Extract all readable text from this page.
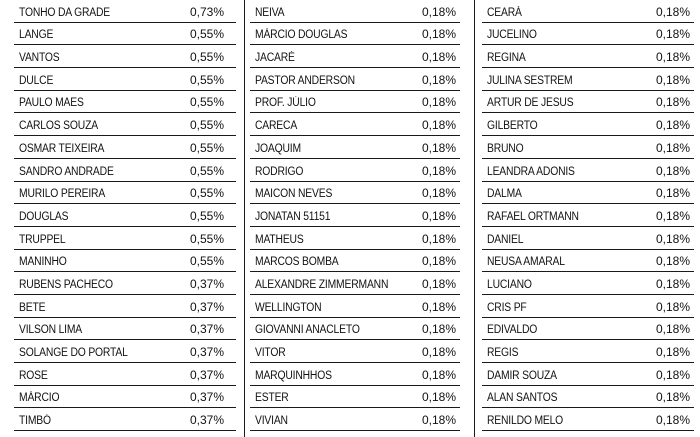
TONHO DA GRADE	0,73%
LANGE	0,55%
VANTOS	0,55%
DULCE	0,55%
PAULO MAES	0,55%
CARLOS SOUZA	0,55%
OSMAR TEIXEIRA	0,55%
SANDRO ANDRADE	0,55%
MURILO PEREIRA	0,55%
DOUGLAS	0,55%
TRUPPEL	0,55%
MANINHO	0,55%
RUBENS PACHECO	0,37%
BETE	0,37%
VILSON LIMA	0,37%
SOLANGE DO PORTAL	0,37%
ROSE	0,37%
MÁRCIO	0,37%
TIMBÓ	0,37%
NEIVA	0,18%
MÁRCIO DOUGLAS	0,18%
JACARÉ	0,18%
PASTOR ANDERSON	0,18%
PROF. JÚLIO	0,18%
CARECA	0,18%
JOAQUIM	0,18%
RODRIGO	0,18%
MAICON NEVES	0,18%
JONATAN 51151	0,18%
MATHEUS	0,18%
MARCOS BOMBA	0,18%
ALEXANDRE ZIMMERMANN	0,18%
WELLINGTON	0,18%
GIOVANNI ANACLETO	0,18%
VITOR	0,18%
MARQUINHHOS	0,18%
ESTER	0,18%
VIVIAN	0,18%
CEARÁ	0,18%
JUCELINO	0,18%
REGINA	0,18%
JULINA SESTREM	0,18%
ARTUR DE JESUS	0,18%
GILBERTO	0,18%
BRUNO	0,18%
LEANDRA ADONIS	0,18%
DALMA	0,18%
RAFAEL ORTMANN	0,18%
DANIEL	0,18%
NEUSA AMARAL	0,18%
LUCIANO	0,18%
CRIS PF	0,18%
EDIVALDO	0,18%
REGIS	0,18%
DAMIR SOUZA	0,18%
ALAN SANTOS	0,18%
RENILDO MELO	0,18%
